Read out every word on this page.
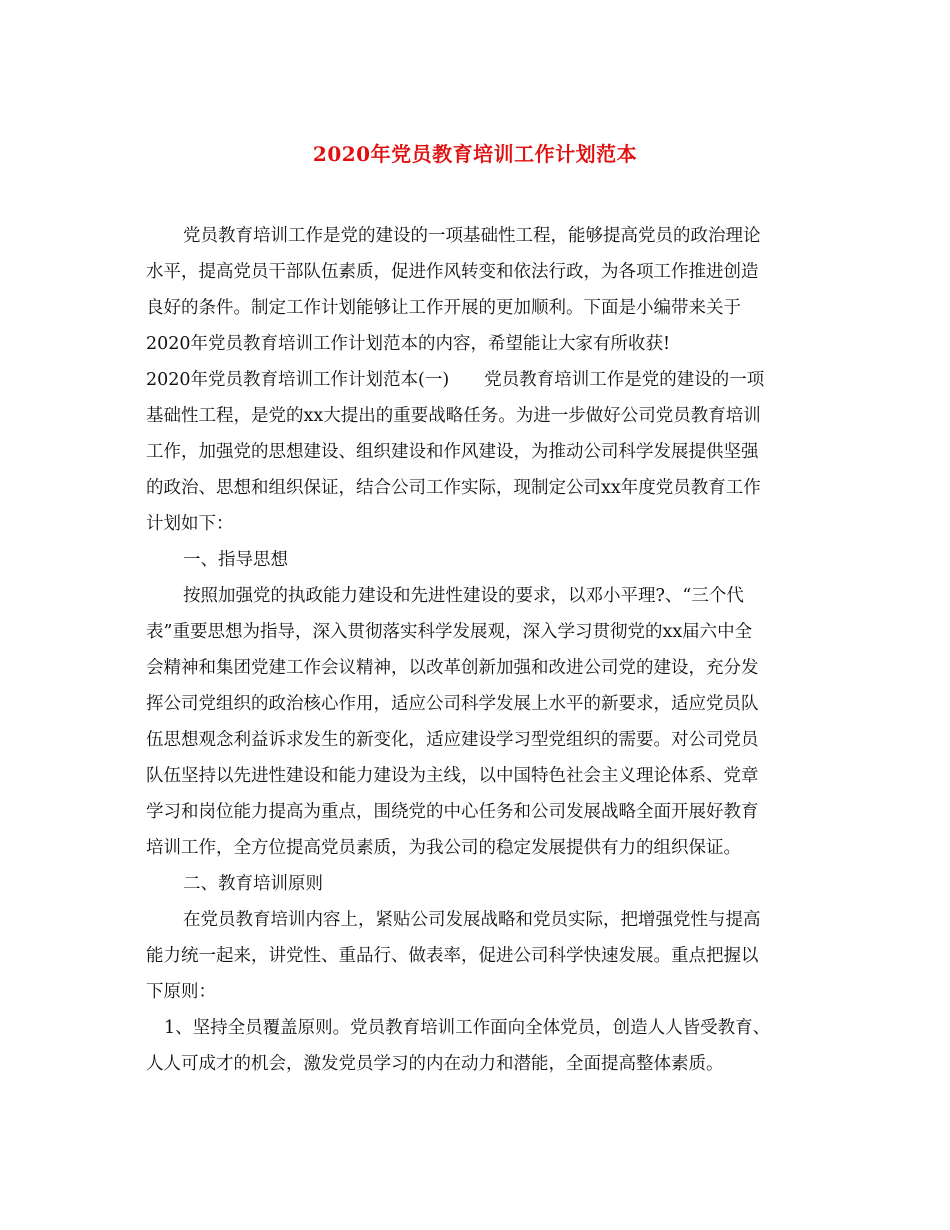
2020年党员教育培训工作计划范本
党员教育培训工作是党的建设的一项基础性工程，能够提高党员的政治理论
水平，提高党员干部队伍素质，促进作风转变和依法行政，为各项工作推进创造
良好的条件。制定工作计划能够让工作开展的更加顺利。下面是小编带来关于
2020年党员教育培训工作计划范本的内容，希望能让大家有所收获!
2020年党员教育培训工作计划范本(一)　　党员教育培训工作是党的建设的一项
基础性工程，是党的xx大提出的重要战略任务。为进一步做好公司党员教育培训
工作，加强党的思想建设、组织建设和作风建设，为推动公司科学发展提供坚强
的政治、思想和组织保证，结合公司工作实际，现制定公司xx年度党员教育工作
计划如下：
一、指导思想
按照加强党的执政能力建设和先进性建设的要求，以邓小平理?、“三个代
表”重要思想为指导，深入贯彻落实科学发展观，深入学习贯彻党的xx届六中全
会精神和集团党建工作会议精神，以改革创新加强和改进公司党的建设，充分发
挥公司党组织的政治核心作用，适应公司科学发展上水平的新要求，适应党员队
伍思想观念利益诉求发生的新变化，适应建设学习型党组织的需要。对公司党员
队伍坚持以先进性建设和能力建设为主线，以中国特色社会主义理论体系、党章
学习和岗位能力提高为重点，围绕党的中心任务和公司发展战略全面开展好教育
培训工作，全方位提高党员素质，为我公司的稳定发展提供有力的组织保证。
二、教育培训原则
在党员教育培训内容上，紧贴公司发展战略和党员实际，把增强党性与提高
能力统一起来，讲党性、重品行、做表率，促进公司科学快速发展。重点把握以
下原则：
1、坚持全员覆盖原则。党员教育培训工作面向全体党员，创造人人皆受教育、
人人可成才的机会，激发党员学习的内在动力和潜能，全面提高整体素质。
